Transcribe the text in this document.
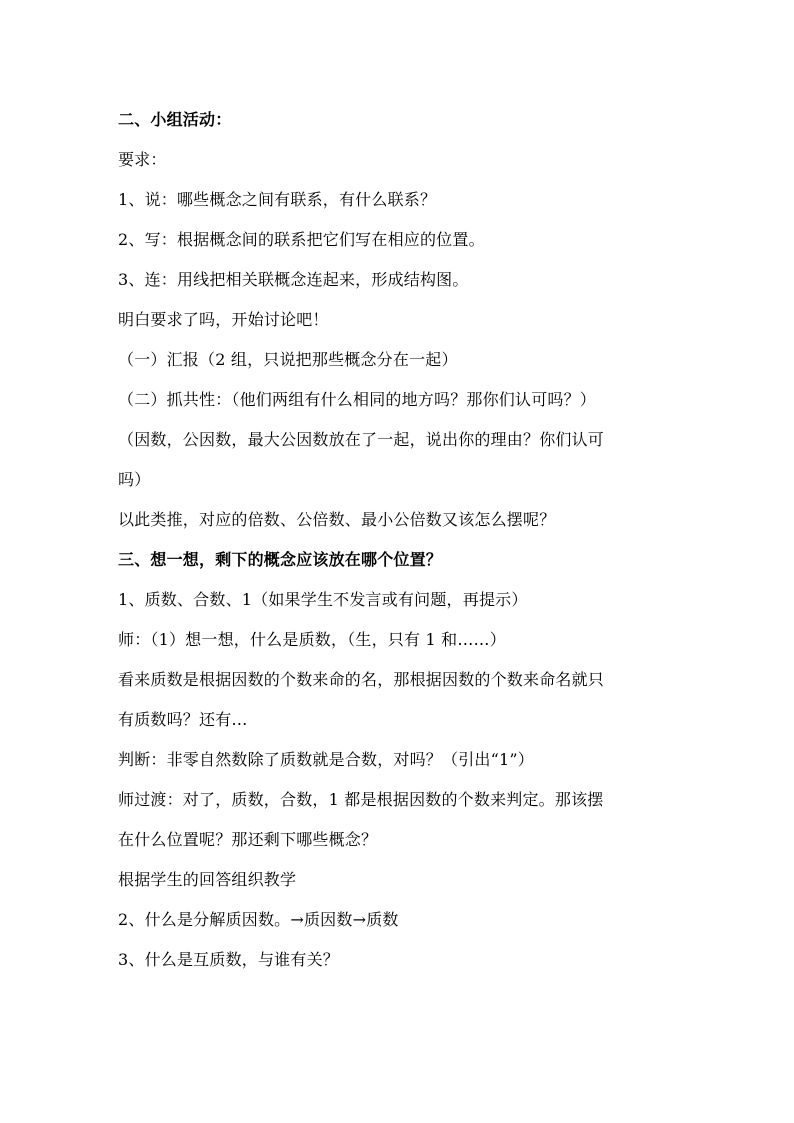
二、小组活动：
要求：
1、说：哪些概念之间有联系，有什么联系？
2、写：根据概念间的联系把它们写在相应的位置。
3、连：用线把相关联概念连起来，形成结构图。
明白要求了吗，开始讨论吧！
（一）汇报（2 组，只说把那些概念分在一起）
（二）抓共性：（他们两组有什么相同的地方吗？那你们认可吗？）
（因数，公因数，最大公因数放在了一起，说出你的理由？你们认可
吗）
以此类推，对应的倍数、公倍数、最小公倍数又该怎么摆呢？
三、想一想，剩下的概念应该放在哪个位置？
1、质数、合数、1（如果学生不发言或有问题，再提示）
师：（1）想一想，什么是质数，（生，只有 1 和……）
看来质数是根据因数的个数来命的名，那根据因数的个数来命名就只
有质数吗？还有…
判断：非零自然数除了质数就是合数，对吗？（引出“1”）
师过渡：对了，质数，合数，1 都是根据因数的个数来判定。那该摆
在什么位置呢？那还剩下哪些概念？
根据学生的回答组织教学
2、什么是分解质因数。→质因数→质数
3、什么是互质数，与谁有关？
